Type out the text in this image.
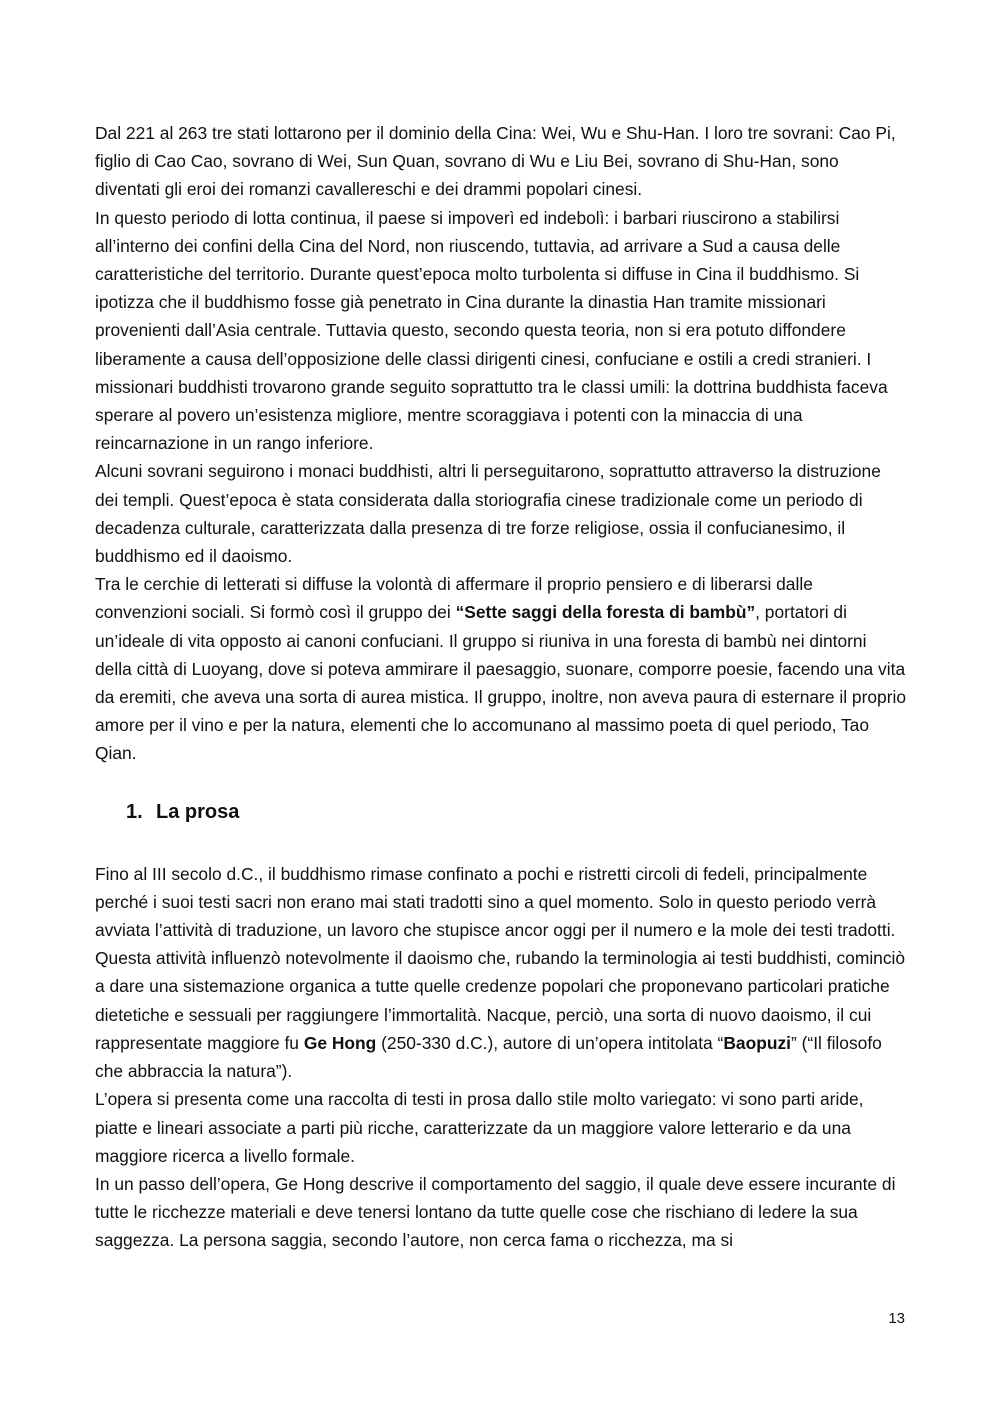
Dal 221 al 263 tre stati lottarono per il dominio della Cina: Wei, Wu e Shu-Han. I loro tre sovrani: Cao Pi, figlio di Cao Cao, sovrano di Wei, Sun Quan, sovrano di Wu e Liu Bei, sovrano di Shu-Han, sono diventati gli eroi dei romanzi cavallereschi e dei drammi popolari cinesi.

In questo periodo di lotta continua, il paese si impoverì ed indebolì: i barbari riuscirono a stabilirsi all’interno dei confini della Cina del Nord, non riuscendo, tuttavia, ad arrivare a Sud a causa delle caratteristiche del territorio. Durante quest’epoca molto turbolenta si diffuse in Cina il buddhismo. Si ipotizza che il buddhismo fosse già penetrato in Cina durante la dinastia Han tramite missionari provenienti dall’Asia centrale. Tuttavia questo, secondo questa teoria, non si era potuto diffondere liberamente a causa dell’opposizione delle classi dirigenti cinesi, confuciane e ostili a credi stranieri. I missionari buddhisti trovarono grande seguito soprattutto tra le classi umili: la dottrina buddhista faceva sperare al povero un’esistenza migliore, mentre scoraggiava i potenti con la minaccia di una reincarnazione in un rango inferiore.

Alcuni sovrani seguirono i monaci buddhisti, altri li perseguitarono, soprattutto attraverso la distruzione dei templi. Quest’epoca è stata considerata dalla storiografia cinese tradizionale come un periodo di decadenza culturale, caratterizzata dalla presenza di tre forze religiose, ossia il confucianesimo, il buddhismo ed il daoismo.

Tra le cerchie di letterati si diffuse la volontà di affermare il proprio pensiero e di liberarsi dalle convenzioni sociali. Si formò così il gruppo dei “Sette saggi della foresta di bambù”, portatori di un’ideale di vita opposto ai canoni confuciani. Il gruppo si riuniva in una foresta di bambù nei dintorni della città di Luoyang, dove si poteva ammirare il paesaggio, suonare, comporre poesie, facendo una vita da eremiti, che aveva una sorta di aurea mistica. Il gruppo, inoltre, non aveva paura di esternare il proprio amore per il vino e per la natura, elementi che lo accomunano al massimo poeta di quel periodo, Tao Qian.

1. La prosa

Fino al III secolo d.C., il buddhismo rimase confinato a pochi e ristretti circoli di fedeli, principalmente perché i suoi testi sacri non erano mai stati tradotti sino a quel momento. Solo in questo periodo verrà avviata l’attività di traduzione, un lavoro che stupisce ancor oggi per il numero e la mole dei testi tradotti.

Questa attività influenzò notevolmente il daoismo che, rubando la terminologia ai testi buddhisti, cominciò a dare una sistemazione organica a tutte quelle credenze popolari che proponevano particolari pratiche dietetiche e sessuali per raggiungere l’immortalità. Nacque, perciò, una sorta di nuovo daoismo, il cui rappresentate maggiore fu Ge Hong (250-330 d.C.), autore di un’opera intitolata “Baopuzi” (“Il filosofo che abbraccia la natura”).

L’opera si presenta come una raccolta di testi in prosa dallo stile molto variegato: vi sono parti aride, piatte e lineari associate a parti più ricche, caratterizzate da un maggiore valore letterario e da una maggiore ricerca a livello formale.

In un passo dell’opera, Ge Hong descrive il comportamento del saggio, il quale deve essere incurante di tutte le ricchezze materiali e deve tenersi lontano da tutte quelle cose che rischiano di ledere la sua saggezza. La persona saggia, secondo l’autore, non cerca fama o ricchezza, ma si

13
